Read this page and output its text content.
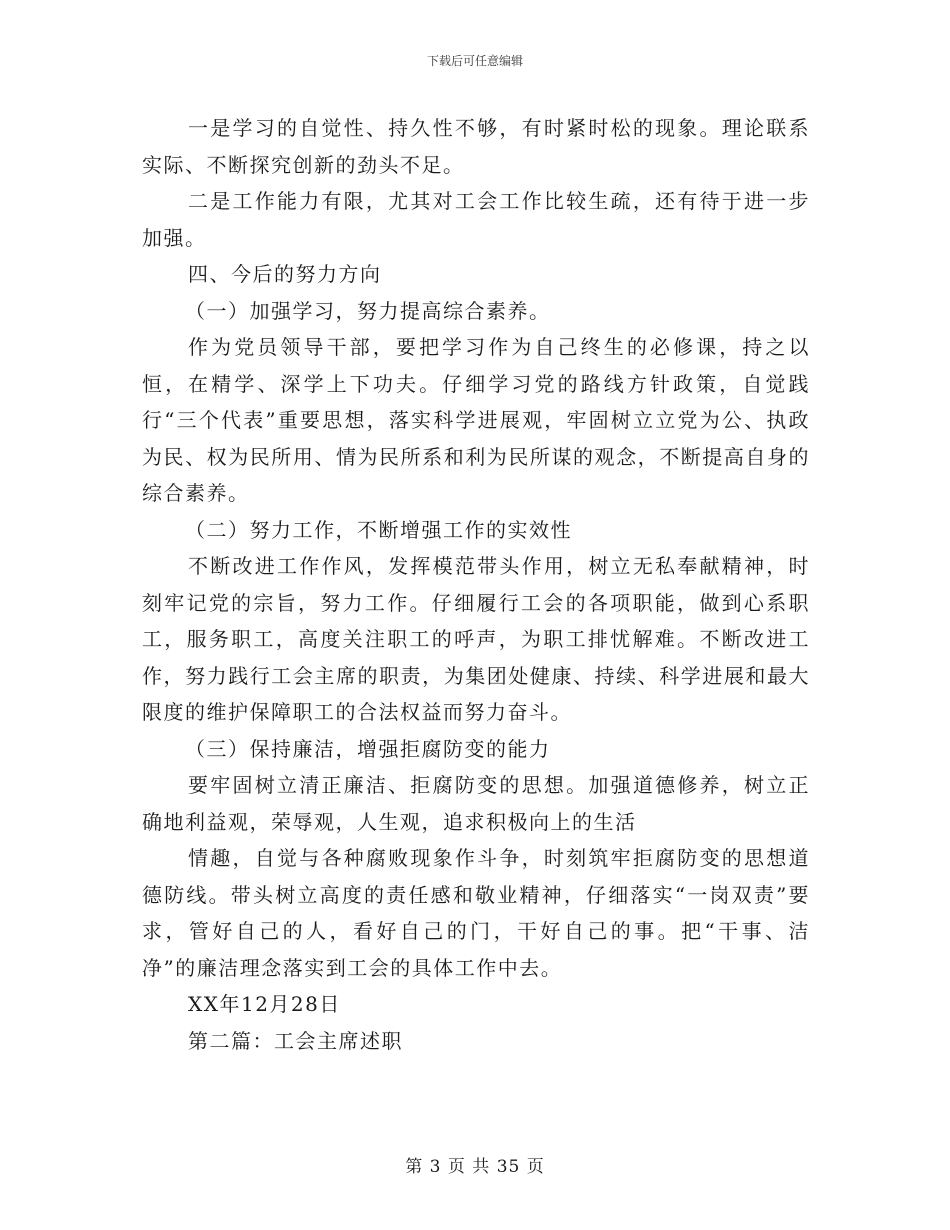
下载后可任意编辑

一是学习的自觉性、持久性不够，有时紧时松的现象。理论联系实际、不断探究创新的劲头不足。

二是工作能力有限，尤其对工会工作比较生疏，还有待于进一步加强。

四、今后的努力方向

（一）加强学习，努力提高综合素养。

作为党员领导干部，要把学习作为自己终生的必修课，持之以恒，在精学、深学上下功夫。仔细学习党的路线方针政策，自觉践行“三个代表”重要思想，落实科学进展观，牢固树立立党为公、执政为民、权为民所用、情为民所系和利为民所谋的观念，不断提高自身的综合素养。

（二）努力工作，不断增强工作的实效性

不断改进工作作风，发挥模范带头作用，树立无私奉献精神，时刻牢记党的宗旨，努力工作。仔细履行工会的各项职能，做到心系职工，服务职工，高度关注职工的呼声，为职工排忧解难。不断改进工作，努力践行工会主席的职责，为集团处健康、持续、科学进展和最大限度的维护保障职工的合法权益而努力奋斗。

（三）保持廉洁，增强拒腐防变的能力

要牢固树立清正廉洁、拒腐防变的思想。加强道德修养，树立正确地利益观，荣辱观，人生观，追求积极向上的生活

情趣，自觉与各种腐败现象作斗争，时刻筑牢拒腐防变的思想道德防线。带头树立高度的责任感和敬业精神，仔细落实“一岗双责”要求，管好自己的人，看好自己的门，干好自己的事。把“干事、洁净”的廉洁理念落实到工会的具体工作中去。

XX年12月28日

第二篇：工会主席述职

第 3 页 共 35 页
